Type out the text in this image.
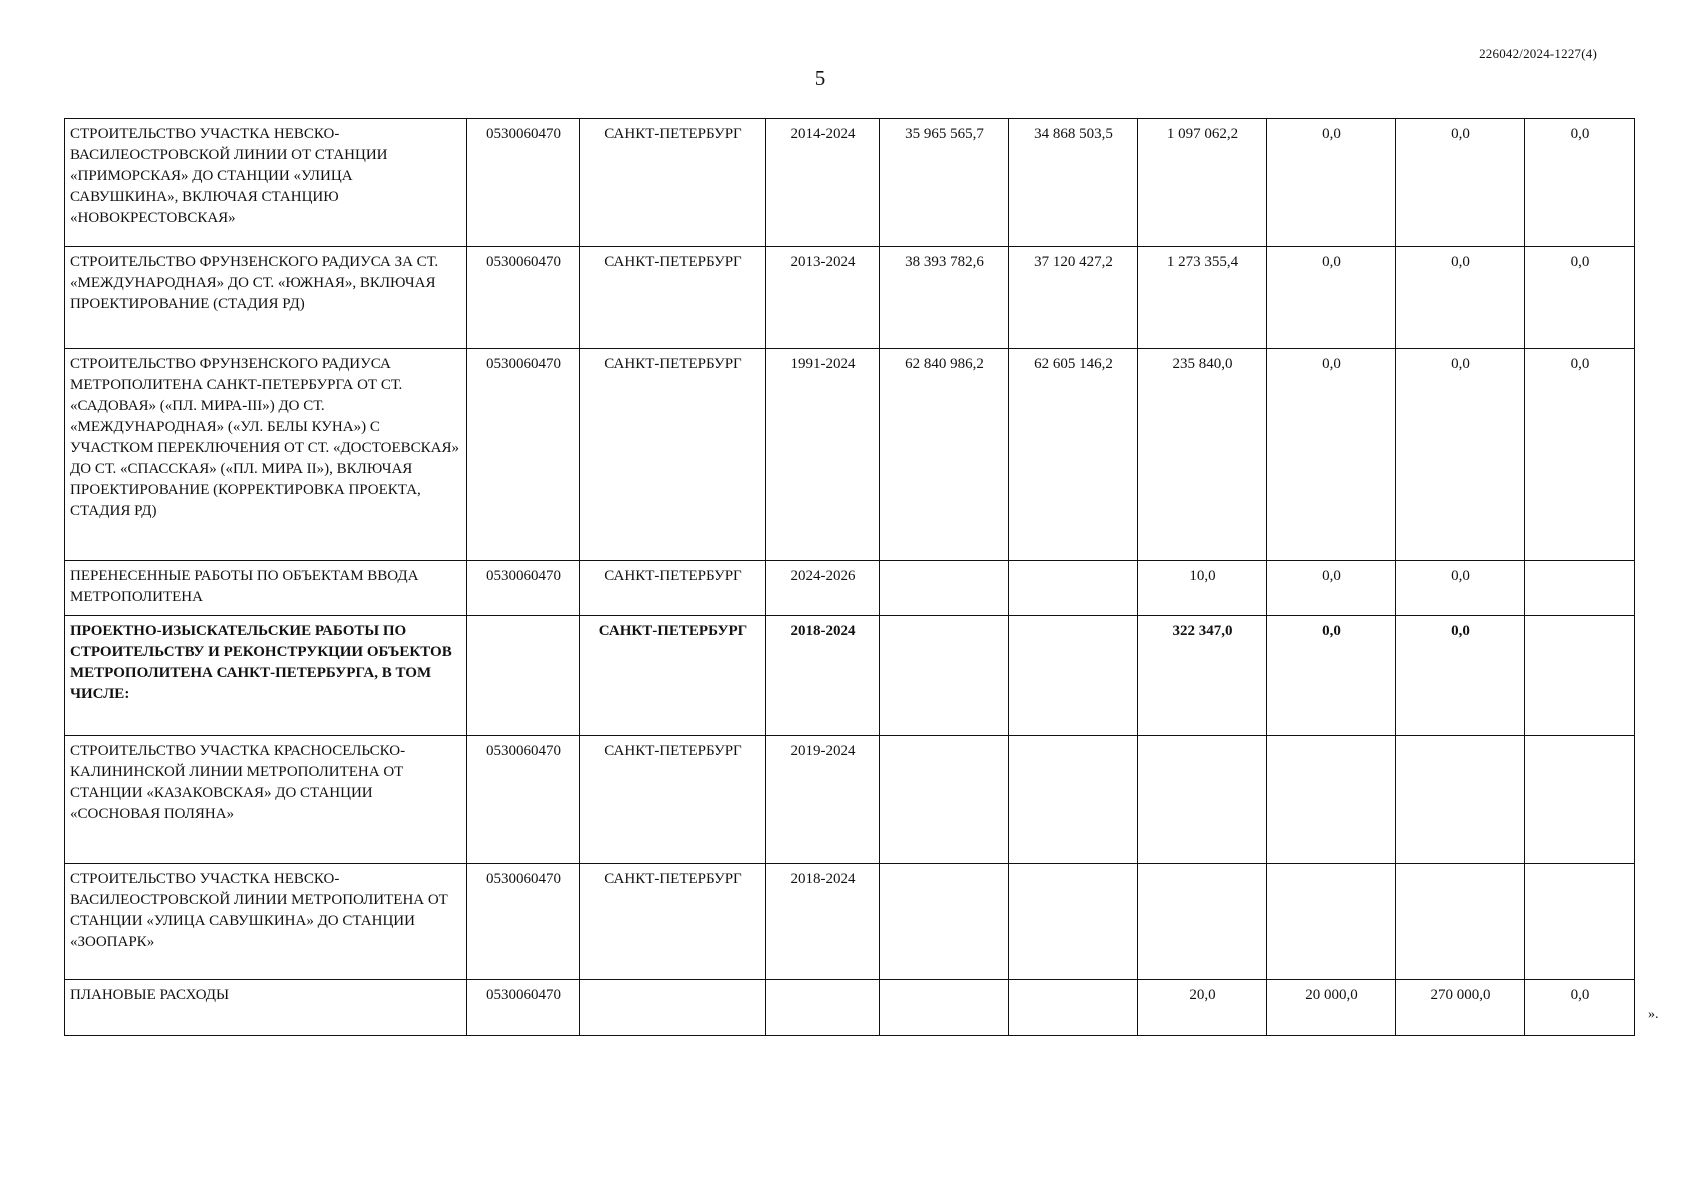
226042/2024-1227(4)
5
СТРОИТЕЛЬСТВО УЧАСТКА НЕВСКО-ВАСИЛЕОСТРОВСКОЙ ЛИНИИ ОТ СТАНЦИИ «ПРИМОРСКАЯ» ДО СТАНЦИИ «УЛИЦА САВУШКИНА», ВКЛЮЧАЯ СТАНЦИЮ «НОВОКРЕСТОВСКАЯ»	0530060470	САНКТ-ПЕТЕРБУРГ	2014-2024	35 965 565,7	34 868 503,5	1 097 062,2	0,0	0,0	0,0
СТРОИТЕЛЬСТВО ФРУНЗЕНСКОГО РАДИУСА ЗА СТ. «МЕЖДУНАРОДНАЯ» ДО СТ. «ЮЖНАЯ», ВКЛЮЧАЯ ПРОЕКТИРОВАНИЕ (СТАДИЯ РД)	0530060470	САНКТ-ПЕТЕРБУРГ	2013-2024	38 393 782,6	37 120 427,2	1 273 355,4	0,0	0,0	0,0
СТРОИТЕЛЬСТВО ФРУНЗЕНСКОГО РАДИУСА МЕТРОПОЛИТЕНА САНКТ-ПЕТЕРБУРГА ОТ СТ. «САДОВАЯ» («ПЛ. МИРА-III») ДО СТ. «МЕЖДУНАРОДНАЯ» («УЛ. БЕЛЫ КУНА») С УЧАСТКОМ ПЕРЕКЛЮЧЕНИЯ ОТ СТ. «ДОСТОЕВСКАЯ» ДО СТ. «СПАССКАЯ» («ПЛ. МИРА II»), ВКЛЮЧАЯ ПРОЕКТИРОВАНИЕ (КОРРЕКТИРОВКА ПРОЕКТА, СТАДИЯ РД)	0530060470	САНКТ-ПЕТЕРБУРГ	1991-2024	62 840 986,2	62 605 146,2	235 840,0	0,0	0,0	0,0
ПЕРЕНЕСЕННЫЕ РАБОТЫ ПО ОБЪЕКТАМ ВВОДА МЕТРОПОЛИТЕНА	0530060470	САНКТ-ПЕТЕРБУРГ	2024-2026			10,0	0,0	0,0	
ПРОЕКТНО-ИЗЫСКАТЕЛЬСКИЕ РАБОТЫ ПО СТРОИТЕЛЬСТВУ И РЕКОНСТРУКЦИИ ОБЪЕКТОВ МЕТРОПОЛИТЕНА САНКТ-ПЕТЕРБУРГА, В ТОМ ЧИСЛЕ:		САНКТ-ПЕТЕРБУРГ	2018-2024			322 347,0	0,0	0,0	
СТРОИТЕЛЬСТВО УЧАСТКА КРАСНОСЕЛЬСКО-КАЛИНИНСКОЙ ЛИНИИ МЕТРОПОЛИТЕНА ОТ СТАНЦИИ «КАЗАКОВСКАЯ» ДО СТАНЦИИ «СОСНОВАЯ ПОЛЯНА»	0530060470	САНКТ-ПЕТЕРБУРГ	2019-2024						
СТРОИТЕЛЬСТВО УЧАСТКА НЕВСКО-ВАСИЛЕОСТРОВСКОЙ ЛИНИИ МЕТРОПОЛИТЕНА ОТ СТАНЦИИ «УЛИЦА САВУШКИНА» ДО СТАНЦИИ «ЗООПАРК»	0530060470	САНКТ-ПЕТЕРБУРГ	2018-2024						
ПЛАНОВЫЕ РАСХОДЫ	0530060470					20,0	20 000,0	270 000,0	0,0
».
